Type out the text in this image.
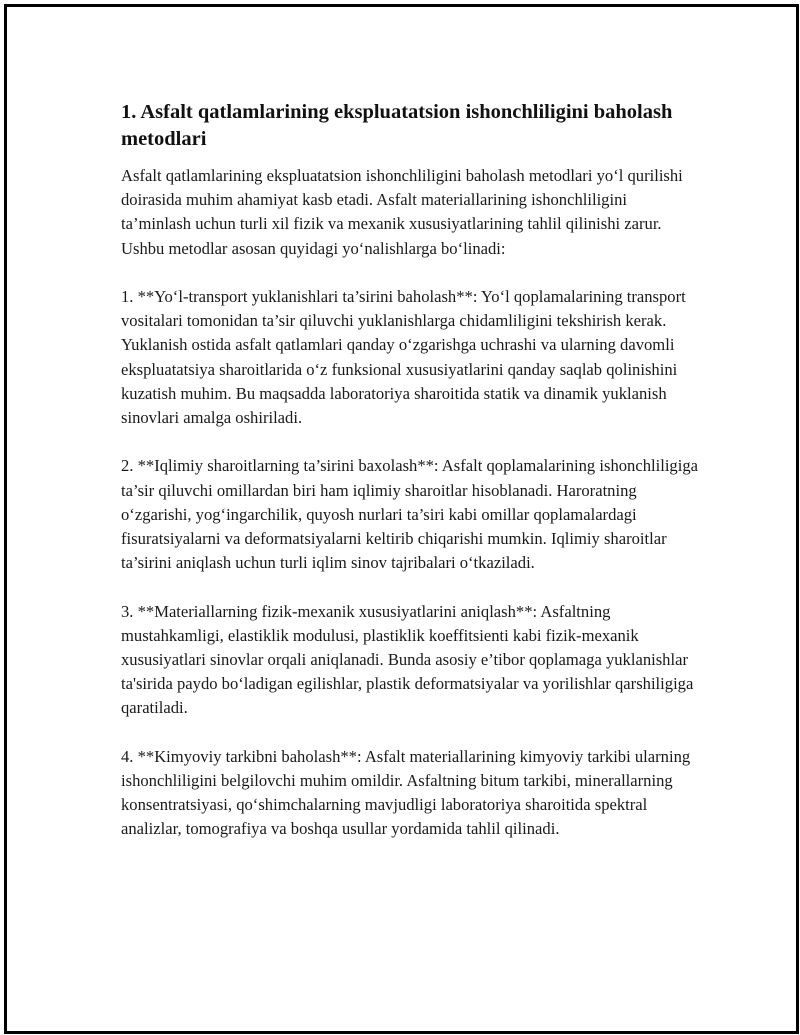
1. Asfalt qatlamlarining ekspluatatsion ishonchliligini baholash metodlari

Asfalt qatlamlarining ekspluatatsion ishonchliligini baholash metodlari yo‘l qurilishi doirasida muhim ahamiyat kasb etadi. Asfalt materiallarining ishonchliligini ta’minlash uchun turli xil fizik va mexanik xususiyatlarining tahlil qilinishi zarur. Ushbu metodlar asosan quyidagi yo‘nalishlarga bo‘linadi:

1. **Yo‘l-transport yuklanishlari ta’sirini baholash**: Yo‘l qoplamalarining transport vositalari tomonidan ta’sir qiluvchi yuklanishlarga chidamliligini tekshirish kerak. Yuklanish ostida asfalt qatlamlari qanday o‘zgarishga uchrashi va ularning davomli ekspluatatsiya sharoitlarida o‘z funksional xususiyatlarini qanday saqlab qolinishini kuzatish muhim. Bu maqsadda laboratoriya sharoitida statik va dinamik yuklanish sinovlari amalga oshiriladi.

2. **Iqlimiy sharoitlarning ta’sirini baxolash**: Asfalt qoplamalarining ishonchliligiga ta’sir qiluvchi omillardan biri ham iqlimiy sharoitlar hisoblanadi. Haroratning o‘zgarishi, yog‘ingarchilik, quyosh nurlari ta’siri kabi omillar qoplamalardagi fisuratsiyalarni va deformatsiyalarni keltirib chiqarishi mumkin. Iqlimiy sharoitlar ta’sirini aniqlash uchun turli iqlim sinov tajribalari o‘tkaziladi.

3. **Materiallarning fizik-mexanik xususiyatlarini aniqlash**: Asfaltning mustahkamligi, elastiklik modulusi, plastiklik koeffitsienti kabi fizik-mexanik xususiyatlari sinovlar orqali aniqlanadi. Bunda asosiy e’tibor qoplamaga yuklanishlar ta'sirida paydo bo‘ladigan egilishlar, plastik deformatsiyalar va yorilishlar qarshiligiga qaratiladi.

4. **Kimyoviy tarkibni baholash**: Asfalt materiallarining kimyoviy tarkibi ularning ishonchliligini belgilovchi muhim omildir. Asfaltning bitum tarkibi, minerallarning konsentratsiyasi, qo‘shimchalarning mavjudligi laboratoriya sharoitida spektral analizlar, tomografiya va boshqa usullar yordamida tahlil qilinadi.
